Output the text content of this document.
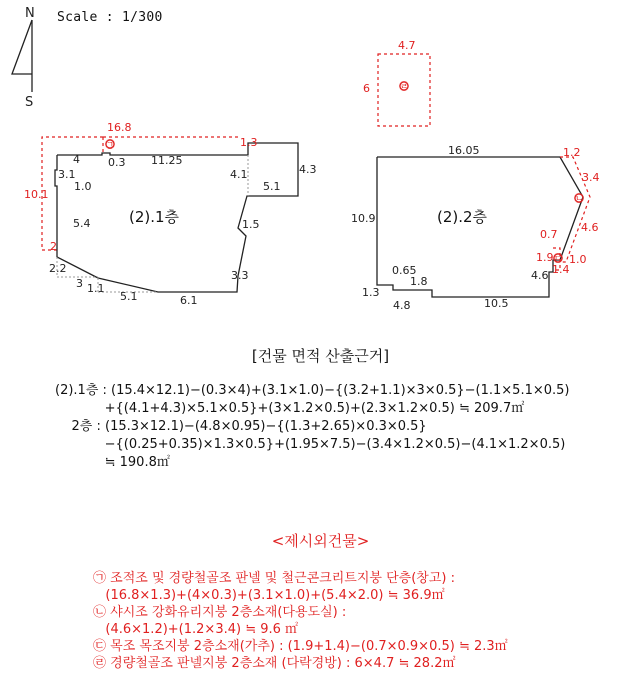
N
S
(2).1층
4	0.3 11.25
3.1
1.0
5.4
4.1	4.3
5.1
1.5
2.2
3.3
3 1.1
5.1	6.1
16.8
1.3
10.1
2
㉠
(2).2층
16.05
10.9
0.65
1.8
1.3
4.8	10.5
4.6
1.2
3.4
4.6
0.7
1.9 1.0
1.4
㉡
㉢
4.7
6	㉣
Scale : 1/300
[건물 면적 산출근거]
(2).1층 : (15.4×12.1)−(0.3×4)+(3.1×1.0)−{(3.2+1.1)×3×0.5}−(1.1×5.1×0.5)
+{(4.1+4.3)×5.1×0.5}+(3×1.2×0.5)+(2.3×1.2×0.5) ≒ 209.7㎡
2층 : (15.3×12.1)−(4.8×0.95)−{(1.3+2.65)×0.3×0.5}
−{(0.25+0.35)×1.3×0.5}+(1.95×7.5)−(3.4×1.2×0.5)−(4.1×1.2×0.5)
≒ 190.8㎡
<제시외건물>
㉠ 조적조 및 경량철골조 판넬 및 철근콘크리트지붕 단층(창고) :
(16.8×1.3)+(4×0.3)+(3.1×1.0)+(5.4×2.0) ≒ 36.9㎡
㉡ 샤시조 강화유리지붕 2층소재(다용도실) :
(4.6×1.2)+(1.2×3.4) ≒ 9.6 ㎡
㉢ 목조 목조지붕 2층소재(가추) : (1.9+1.4)−(0.7×0.9×0.5) ≒ 2.3㎡
㉣ 경량철골조 판넬지붕 2층소재 (다락경방) : 6×4.7 ≒ 28.2㎡
